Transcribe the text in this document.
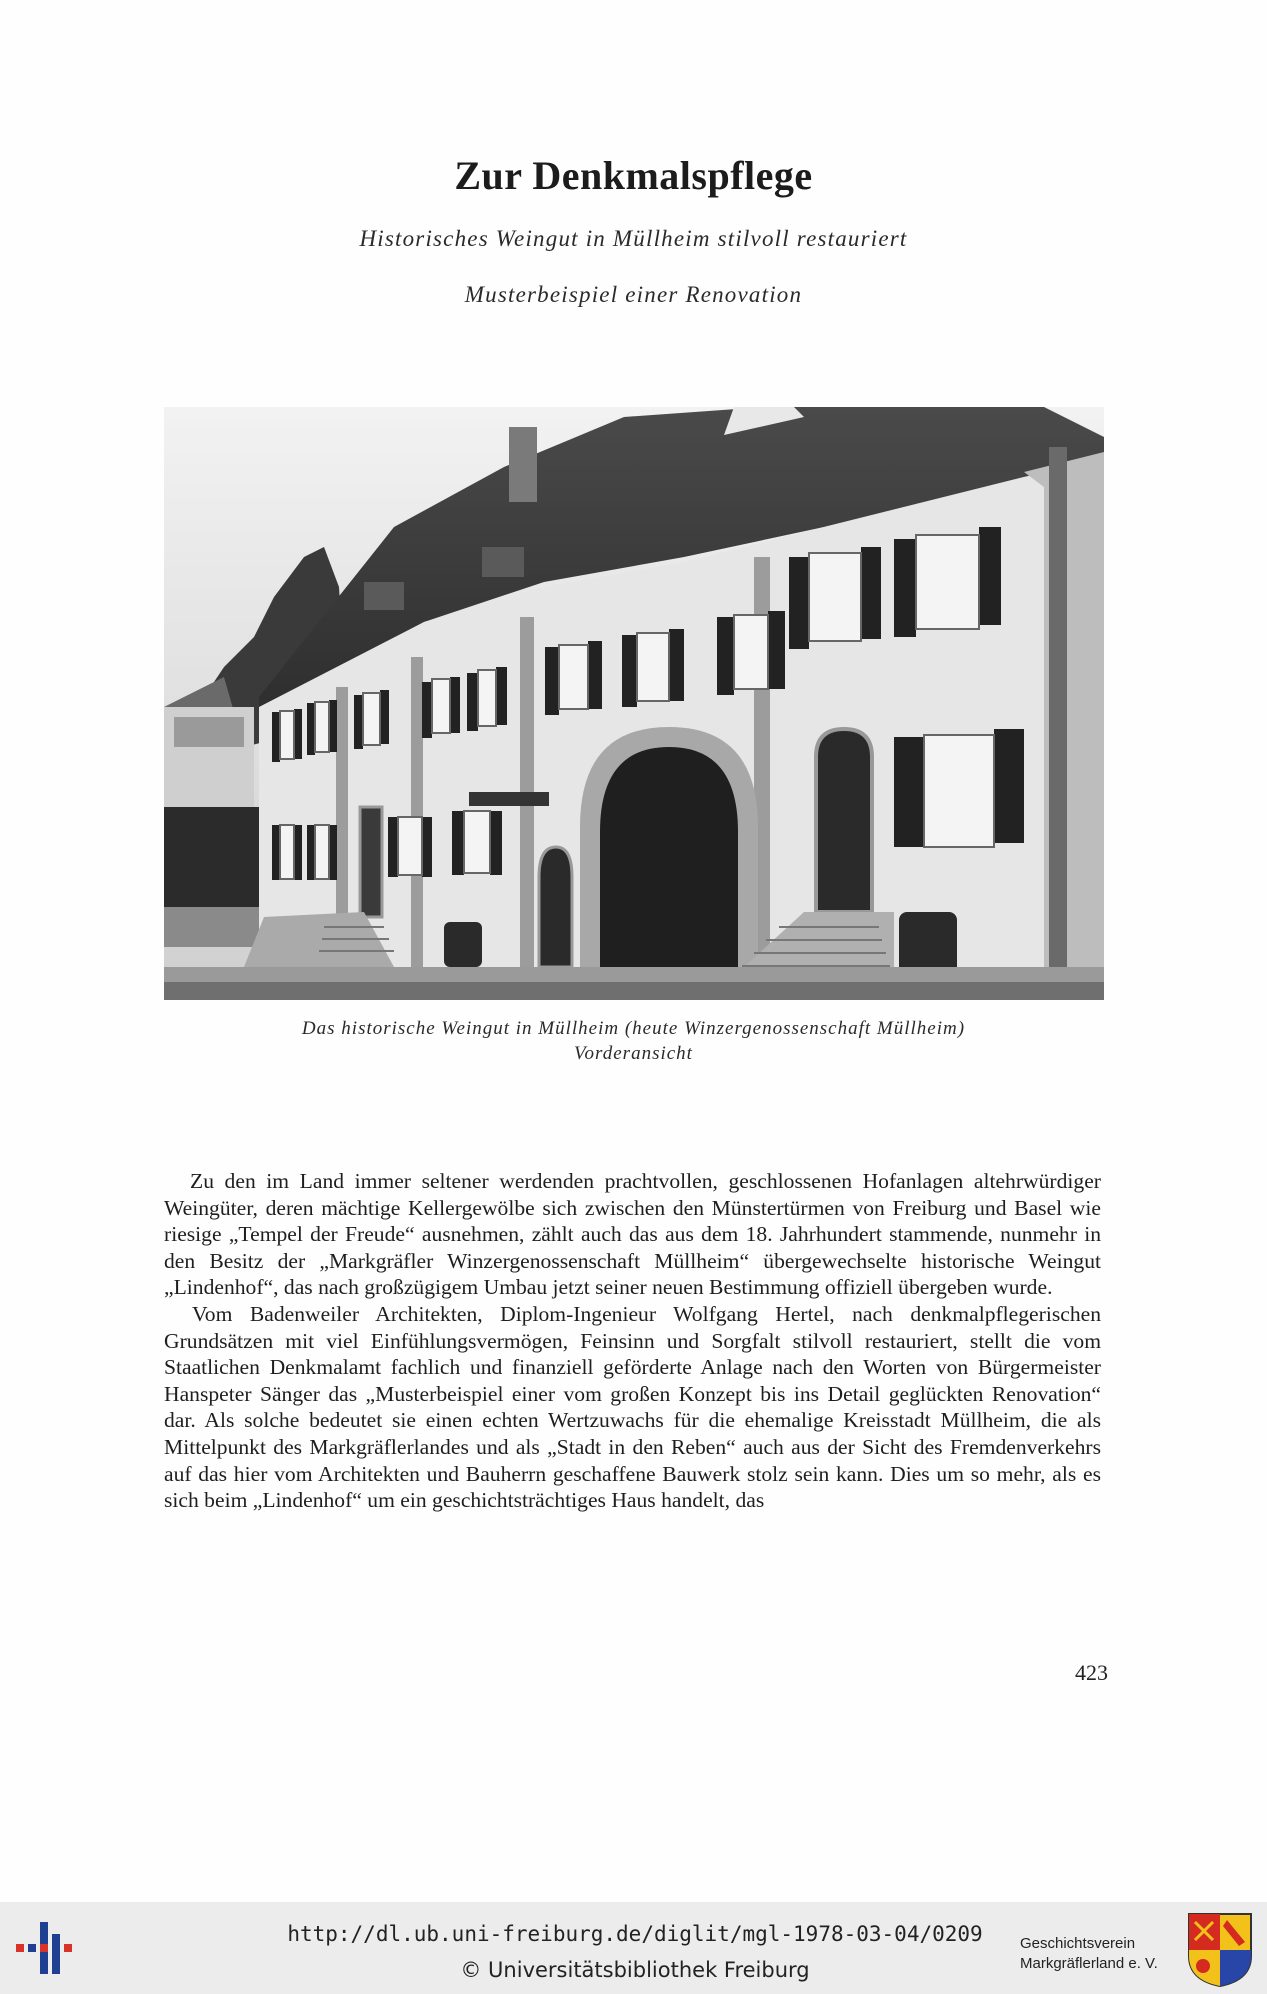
Zur Denkmalspflege
Historisches Weingut in Müllheim stilvoll restauriert
Musterbeispiel einer Renovation
Das historische Weingut in Müllheim (heute Winzergenossenschaft Müllheim)
Vorderansicht

Zu den im Land immer seltener werdenden prachtvollen, geschlossenen Hofanlagen altehrwürdiger Weingüter, deren mächtige Kellergewölbe sich zwischen den Münstertürmen von Freiburg und Basel wie riesige „Tempel der Freude“ ausnehmen, zählt auch das aus dem 18. Jahrhundert stammende, nunmehr in den Besitz der „Markgräfler Winzergenossenschaft Müllheim“ übergewechselte historische Weingut „Lindenhof“, das nach großzügigem Umbau jetzt seiner neuen Bestimmung offiziell übergeben wurde.

Vom Badenweiler Architekten, Diplom-Ingenieur Wolfgang Hertel, nach denkmalpflegerischen Grundsätzen mit viel Einfühlungsvermögen, Feinsinn und Sorgfalt stilvoll restauriert, stellt die vom Staatlichen Denkmalamt fachlich und finanziell geförderte Anlage nach den Worten von Bürgermeister Hanspeter Sänger das „Musterbeispiel einer vom großen Konzept bis ins Detail geglückten Renovation“ dar. Als solche bedeutet sie einen echten Wertzuwachs für die ehemalige Kreisstadt Müllheim, die als Mittelpunkt des Markgräflerlandes und als „Stadt in den Reben“ auch aus der Sicht des Fremdenverkehrs auf das hier vom Architekten und Bauherrn geschaffene Bauwerk stolz sein kann. Dies um so mehr, als es sich beim „Lindenhof“ um ein geschichtsträchtiges Haus handelt, das

423
http://dl.ub.uni-freiburg.de/diglit/mgl-1978-03-04/0209
© Universitätsbibliothek Freiburg
Geschichtsverein
Markgräflerland e. V.
